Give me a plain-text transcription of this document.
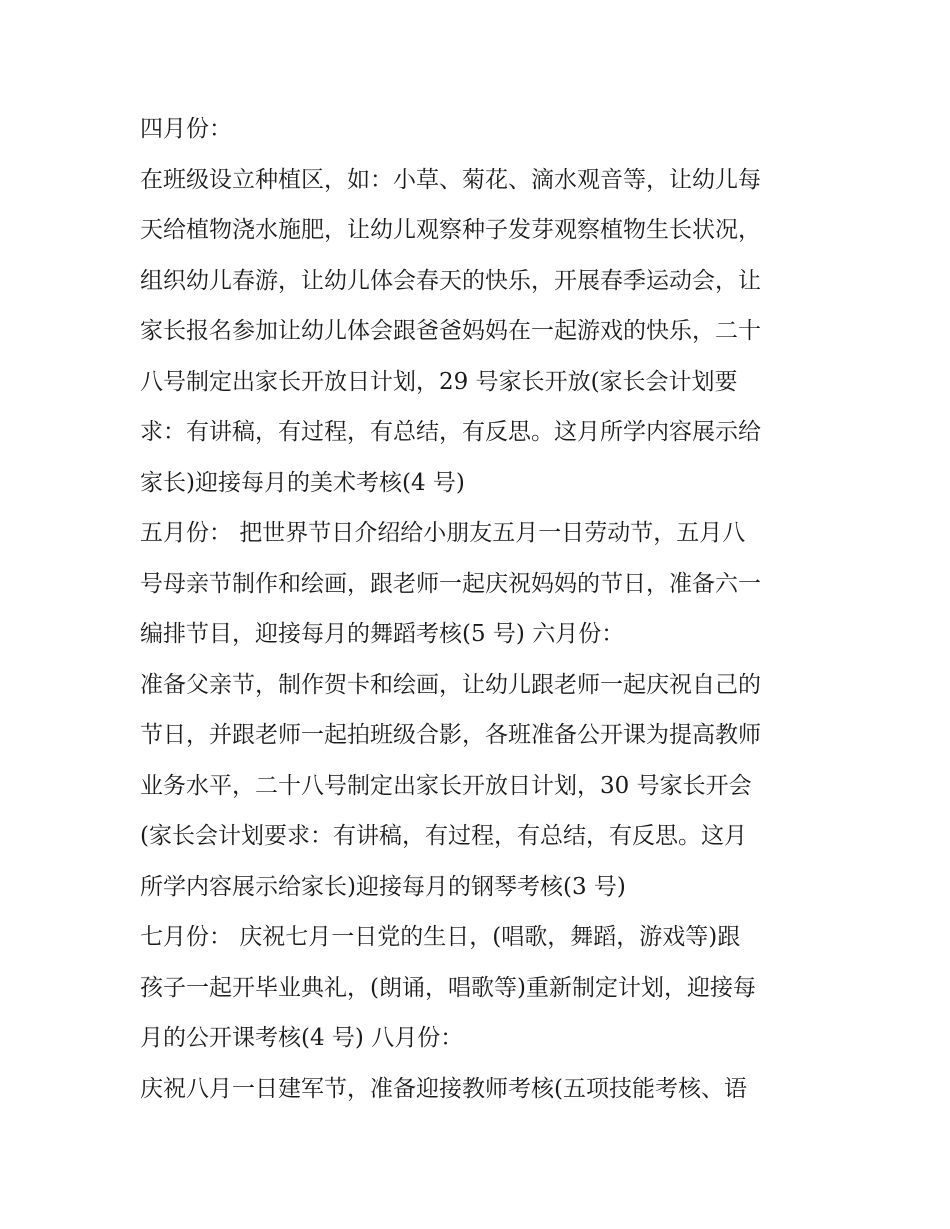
四月份：
在班级设立种植区，如：小草、菊花、滴水观音等，让幼儿每
天给植物浇水施肥，让幼儿观察种子发芽观察植物生长状况，
组织幼儿春游，让幼儿体会春天的快乐，开展春季运动会，让
家长报名参加让幼儿体会跟爸爸妈妈在一起游戏的快乐，二十
八号制定出家长开放日计划，29 号家长开放(家长会计划要
求：有讲稿，有过程，有总结，有反思。这月所学内容展示给
家长)迎接每月的美术考核(4 号)
五月份： 把世界节日介绍给小朋友五月一日劳动节，五月八
号母亲节制作和绘画，跟老师一起庆祝妈妈的节日，准备六一
编排节目，迎接每月的舞蹈考核(5 号) 六月份：
准备父亲节，制作贺卡和绘画，让幼儿跟老师一起庆祝自己的
节日，并跟老师一起拍班级合影，各班准备公开课为提高教师
业务水平，二十八号制定出家长开放日计划，30 号家长开会
(家长会计划要求：有讲稿，有过程，有总结，有反思。这月
所学内容展示给家长)迎接每月的钢琴考核(3 号)
七月份： 庆祝七月一日党的生日，(唱歌，舞蹈，游戏等)跟
孩子一起开毕业典礼，(朗诵，唱歌等)重新制定计划，迎接每
月的公开课考核(4 号) 八月份：
庆祝八月一日建军节，准备迎接教师考核(五项技能考核、语
